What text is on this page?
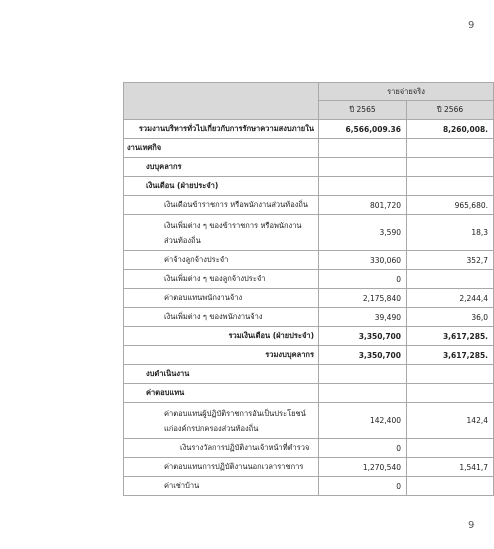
9
	รายจ่ายจริง	
	ปี 2565	ปี 2566
รวมงานบริหารทั่วไปเกี่ยวกับการรักษาความสงบภายใน	6,566,009.36	8,260,008.
งานเทศกิจ		
งบบุคลากร		
เงินเดือน (ฝ่ายประจำ)		
เงินเดือนข้าราชการ หรือพนักงานส่วนท้องถิ่น	801,720	965,680.
เงินเพิ่มต่าง ๆ ของข้าราชการ หรือพนักงานส่วนท้องถิ่น	3,590	18,3
ค่าจ้างลูกจ้างประจำ	330,060	352,7
เงินเพิ่มต่าง ๆ ของลูกจ้างประจำ	0	
ค่าตอบแทนพนักงานจ้าง	2,175,840	2,244,4
เงินเพิ่มต่าง ๆ ของพนักงานจ้าง	39,490	36,0
รวมเงินเดือน (ฝ่ายประจำ)	3,350,700	3,617,285.
รวมงบบุคลากร	3,350,700	3,617,285.
งบดำเนินงาน		
ค่าตอบแทน		
ค่าตอบแทนผู้ปฏิบัติราชการอันเป็นประโยชน์แก่องค์กรปกครองส่วนท้องถิ่น	142,400	142,4
เงินรางวัลการปฏิบัติงานเจ้าหน้าที่ตำรวจ	0	
ค่าตอบแทนการปฏิบัติงานนอกเวลาราชการ	1,270,540	1,541,7
ค่าเช่าบ้าน	0	
9
